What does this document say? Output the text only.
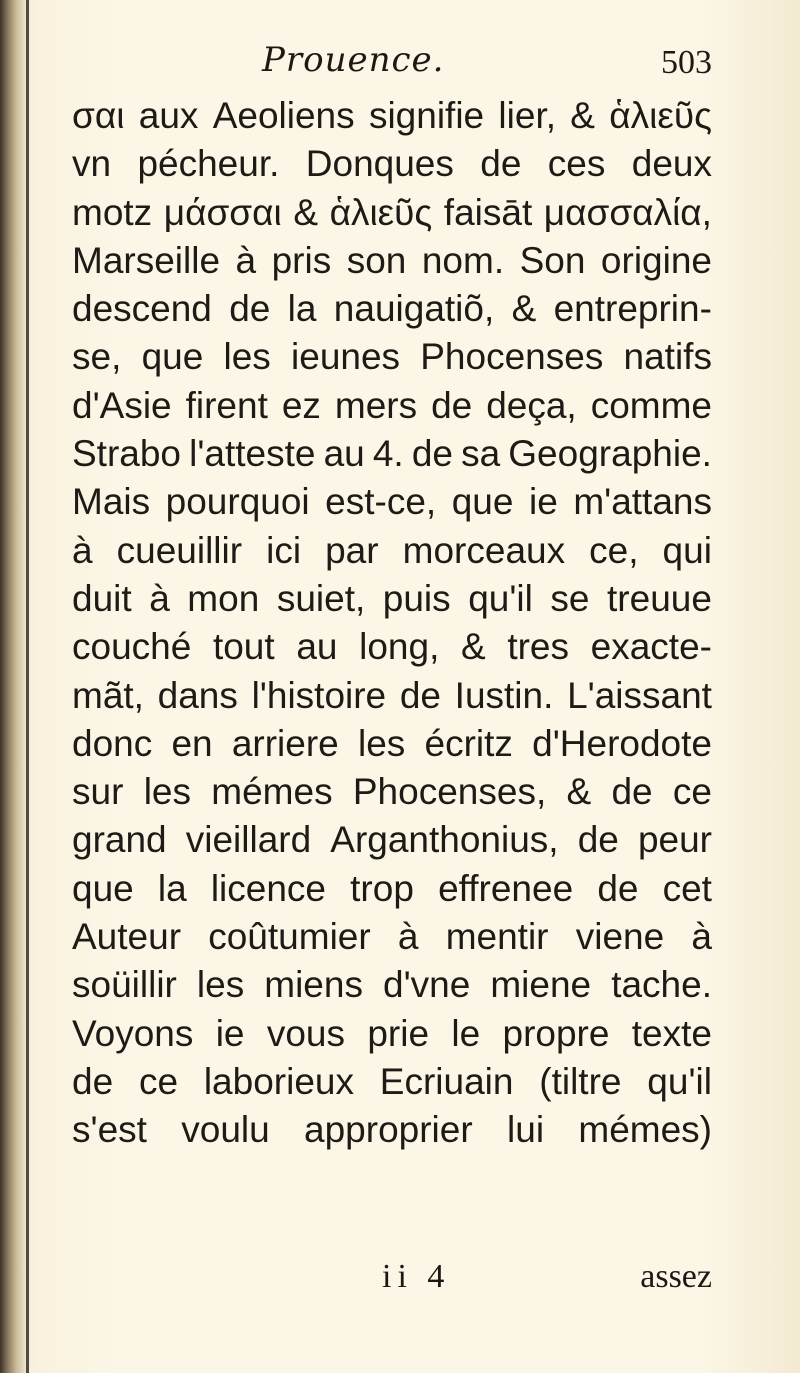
Prouence.	503
σαι aux Aeoliens signifie lier, & ἁλιεῦς
vn pécheur. Donques de ces deux
motz μάσσαι & ἁλιεῦς faisāt μασσαλία,
Marseille à pris son nom. Son origine
descend de la nauigatiõ, & entreprin-
se, que les ieunes Phocenses natifs
d'Asie firent ez mers de deça, comme
Strabo l'atteste au 4. de sa Geographie.
Mais pourquoi est-ce, que ie m'attans
à cueuillir ici par morceaux ce, qui
duit à mon suiet, puis qu'il se treuue
couché tout au long, & tres exacte-
mãt, dans l'histoire de Iustin. L'aissant
donc en arriere les écritz d'Herodote
sur les mémes Phocenses, & de ce
grand vieillard Arganthonius, de peur
que la licence trop effrenee de cet
Auteur coûtumier à mentir viene à
soüillir les miens d'vne miene tache.
Voyons ie vous prie le propre texte
de ce laborieux Ecriuain (tiltre qu'il
s'est voulu approprier lui mémes)
ii 4	assez
